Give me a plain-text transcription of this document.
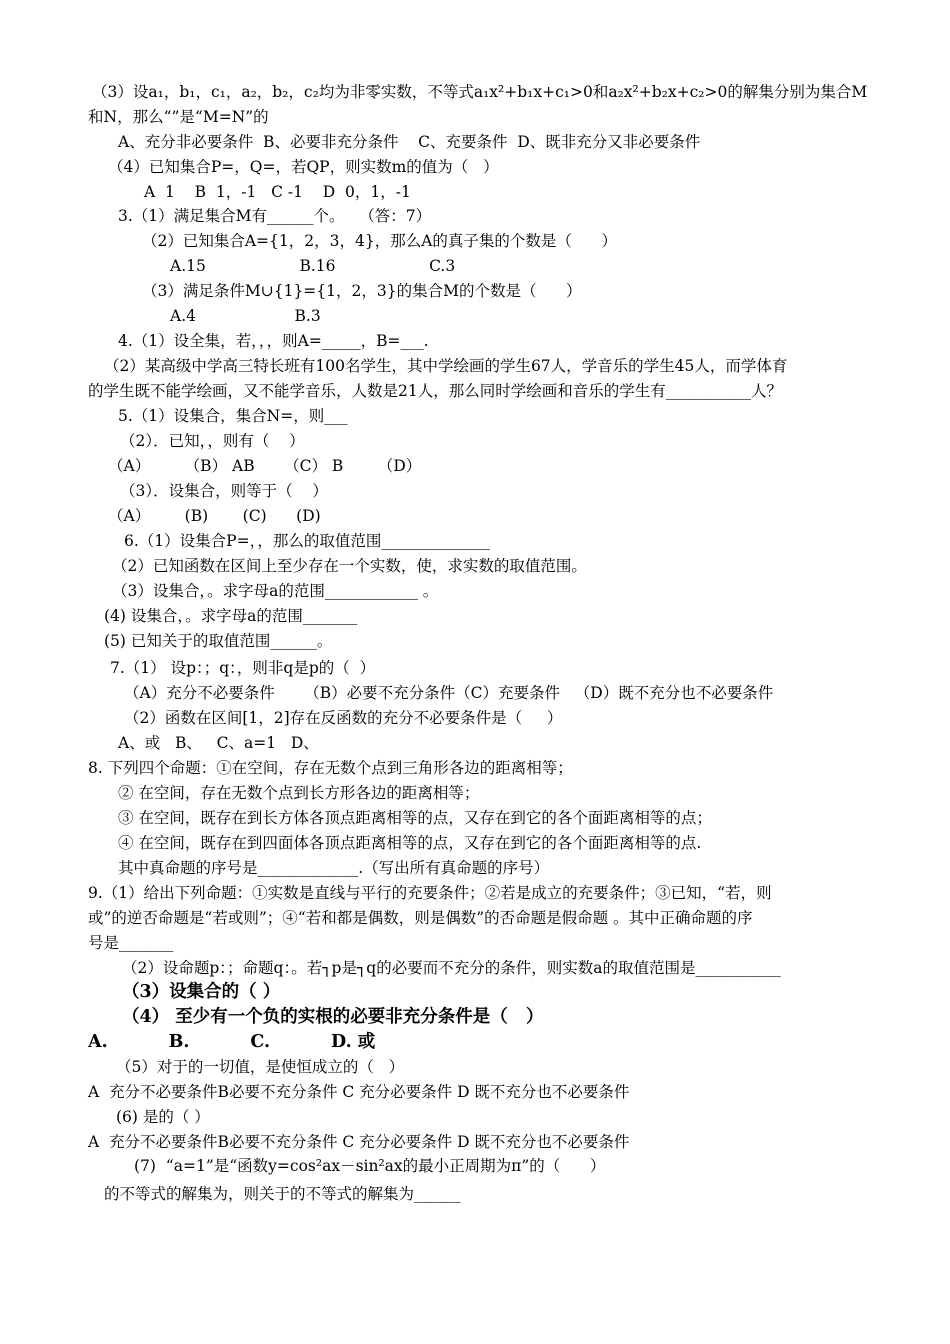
（3）设a₁，b₁，c₁，a₂，b₂，c₂均为非零实数，不等式a₁x²+b₁x+c₁>0和a₂x²+b₂x+c₂>0的解集分别为集合M
和N，那么“”是“M=N”的
A、充分非必要条件  B、必要非充分条件    C、充要条件  D、既非充分又非必要条件
（4）已知集合P=，Q=，若QP，则实数m的值为（   ）
A  1    B  1，-1   C -1    D  0，1，-1
3.（1）满足集合M有______个。   （答：7）
（2）已知集合A={1，2，3，4}，那么A的真子集的个数是（      ）
A.15                   B.16                   C.3
（3）满足条件M∪{1}={1，2，3}的集合M的个数是（      ）
A.4                    B.3
4.（1）设全集，若，，，则A=_____，B=___.
（2）某高级中学高三特长班有100名学生，其中学绘画的学生67人，学音乐的学生45人，而学体育
的学生既不能学绘画，又不能学音乐，人数是21人，那么同时学绘画和音乐的学生有___________人？
5.（1）设集合，集合N=，则___
（2）．已知，，则有（    ）
（A）       （B） AB      （C） B       （D）
（3）．设集合，则等于（    ）
（A）       (B)       (C)      (D)
6.（1）设集合P=，，那么的取值范围______________
（2）已知函数在区间上至少存在一个实数，使，求实数的取值范围。
（3）设集合，。求字母a的范围____________ 。
(4) 设集合，。求字母a的范围_______
(5) 已知关于的取值范围______。
7.（1） 设p：；q：，则非q是p的（  ）
（A）充分不必要条件      （B）必要不充分条件（C）充要条件   （D）既不充分也不必要条件
（2）函数在区间[1，2]存在反函数的充分不必要条件是（     ）
A、或   B、   C、a=1   D、
8. 下列四个命题：①在空间，存在无数个点到三角形各边的距离相等；
② 在空间，存在无数个点到长方形各边的距离相等；
③ 在空间，既存在到长方体各顶点距离相等的点，又存在到它的各个面距离相等的点；
④ 在空间，既存在到四面体各顶点距离相等的点，又存在到它的各个面距离相等的点.
其中真命题的序号是_____________.（写出所有真命题的序号）
9.（1）给出下列命题：①实数是直线与平行的充要条件；②若是成立的充要条件；③已知，“若，则
或”的逆否命题是“若或则”；④“若和都是偶数，则是偶数”的否命题是假命题 。其中正确命题的序
号是_______
（2）设命题p：；命题q：。若┐p是┐q的必要而不充分的条件，则实数a的取值范围是___________
（3）设集合的（ ）
（4） 至少有一个负的实根的必要非充分条件是（   ）
A.          B.          C.          D. 或
（5）对于的一切值，是使恒成立的（   ）
A  充分不必要条件B必要不充分条件 C 充分必要条件 D 既不充分也不必要条件
(6) 是的（ ）
A  充分不必要条件B必要不充分条件 C 充分必要条件 D 既不充分也不必要条件
(7)  “a=1”是“函数y=cos²ax－sin²ax的最小正周期为π”的（      ）
的不等式的解集为，则关于的不等式的解集为______
